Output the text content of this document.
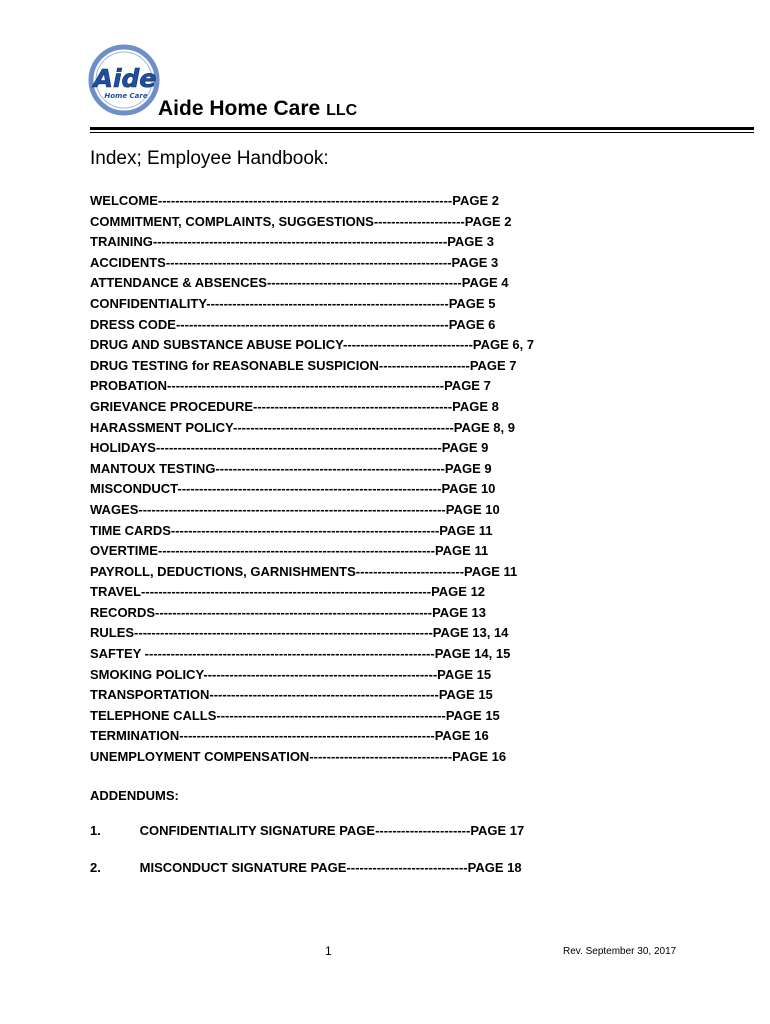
Aide
Home Care
Aide Home Care LLC
Index; Employee Handbook:
WELCOME--------------------------------------------------------------------PAGE 2
COMMITMENT, COMPLAINTS, SUGGESTIONS---------------------PAGE 2
TRAINING--------------------------------------------------------------------PAGE 3
ACCIDENTS------------------------------------------------------------------PAGE 3
ATTENDANCE & ABSENCES---------------------------------------------PAGE 4
CONFIDENTIALITY--------------------------------------------------------PAGE 5
DRESS CODE---------------------------------------------------------------PAGE 6
DRUG AND SUBSTANCE ABUSE POLICY------------------------------PAGE 6, 7
DRUG TESTING for REASONABLE SUSPICION---------------------PAGE 7
PROBATION----------------------------------------------------------------PAGE 7
GRIEVANCE PROCEDURE----------------------------------------------PAGE 8
HARASSMENT POLICY---------------------------------------------------PAGE 8, 9
HOLIDAYS------------------------------------------------------------------PAGE 9
MANTOUX TESTING-----------------------------------------------------PAGE 9
MISCONDUCT-------------------------------------------------------------PAGE 10
WAGES-----------------------------------------------------------------------PAGE 10
TIME CARDS--------------------------------------------------------------PAGE 11
OVERTIME----------------------------------------------------------------PAGE 11
PAYROLL, DEDUCTIONS, GARNISHMENTS-------------------------PAGE 11
TRAVEL-------------------------------------------------------------------PAGE 12
RECORDS----------------------------------------------------------------PAGE 13
RULES---------------------------------------------------------------------PAGE 13, 14
SAFTEY -------------------------------------------------------------------PAGE 14, 15
SMOKING POLICY------------------------------------------------------PAGE 15
TRANSPORTATION-----------------------------------------------------PAGE 15
TELEPHONE CALLS-----------------------------------------------------PAGE 15
TERMINATION-----------------------------------------------------------PAGE 16
UNEMPLOYMENT COMPENSATION---------------------------------PAGE 16
ADDENDUMS:
1.	CONFIDENTIALITY SIGNATURE PAGE----------------------PAGE 17
2.	MISCONDUCT SIGNATURE PAGE----------------------------PAGE 18
1	Rev. September 30, 2017
